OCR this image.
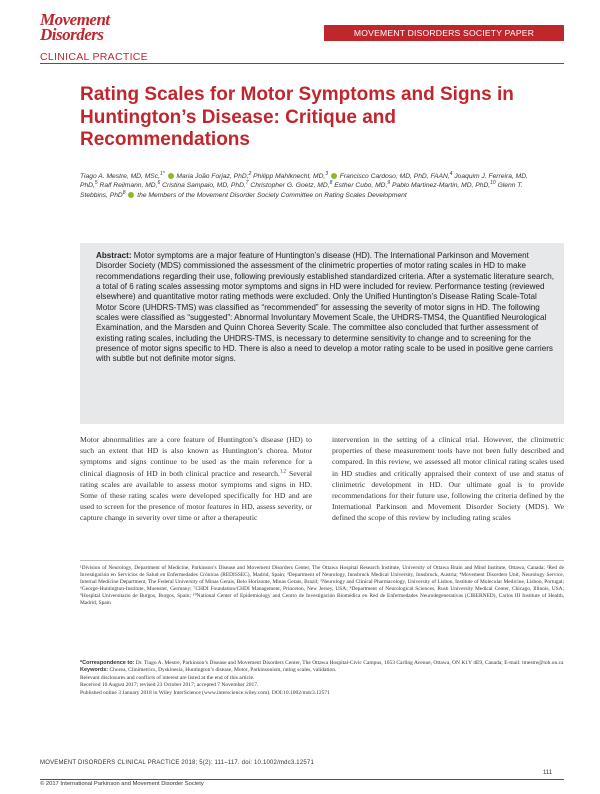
Movement
Disorders	MOVEMENT DISORDERS SOCIETY PAPER
CLINICAL PRACTICE
Rating Scales for Motor Symptoms and Signs in Huntington’s Disease: Critique and Recommendations
Tiago A. Mestre, MD, MSc,$^{1*}$ Maria João Forjaz, PhD,$^2$ Philipp Mahlknecht, MD,$^3$ Francisco Cardoso, MD, PhD, FAAN,$^4$ Joaquim J. Ferreira, MD, PhD,$^5$ Ralf Reilmann, MD,$^6$ Cristina Sampaio, MD, PhD,$^7$ Christopher G. Goetz, MD,$^8$ Esther Cubo, MD,$^9$ Pablo Martinez-Martin, MD, PhD,$^{10}$ Glenn T. Stebbins, PhD$^8$ the Members of the Movement Disorder Society Committee on Rating Scales Development
Abstract: Motor symptoms are a major feature of Huntington’s disease (HD). The International Parkinson and Movement Disorder Society (MDS) commissioned the assessment of the clinimetric properties of motor rating scales in HD to make recommendations regarding their use, following previously established standardized criteria. After a systematic literature search, a total of 6 rating scales assessing motor symptoms and signs in HD were included for review. Performance testing (reviewed elsewhere) and quantitative motor rating methods were excluded. Only the Unified Huntington’s Disease Rating Scale-Total Motor Score (UHDRS-TMS) was classified as “recommended” for assessing the severity of motor signs in HD. The following scales were classified as “suggested”: Abnormal Involuntary Movement Scale, the UHDRS-TMS4, the Quantified Neurological Examination, and the Marsden and Quinn Chorea Severity Scale. The committee also concluded that further assessment of existing rating scales, including the UHDRS-TMS, is necessary to determine sensitivity to change and to screening for the presence of motor signs specific to HD. There is also a need to develop a motor rating scale to be used in positive gene carriers with subtle but not definite motor signs.
Motor abnormalities are a core feature of Huntington’s disease (HD) to such an extent that HD is also known as Huntington’s chorea. Motor symptoms and signs continue to be used as the main reference for a clinical diagnosis of HD in both clinical practice and research.$^{1,2}$ Several rating scales are available to assess motor symptoms and signs in HD. Some of these rating scales were developed specifically for HD and are used to screen for the presence of motor features in HD, assess severity, or capture change in severity over time or after a therapeutic
intervention in the setting of a clinical trial. However, the clinimetric properties of these measurement tools have not been fully described and compared. In this review, we assessed all motor clinical rating scales used in HD studies and critically appraised their context of use and status of clinimetric development in HD. Our ultimate goal is to provide recommendations for their future use, following the criteria defined by the International Parkinson and Movement Disorder Society (MDS). We defined the scope of this review by including rating scales
¹Division of Neurology, Department of Medicine, Parkinson’s Disease and Movement Disorders Center, The Ottawa Hospital Research Institute, University of Ottawa Brain and Mind Institute, Ottawa, Canada; ²Red de Investigación en Servicios de Salud en Enfermedades Crónicas (REDISSEC), Madrid, Spain; ³Department of Neurology, Innsbruck Medical University, Innsbruck, Austria; ⁴Movement Disorders Unit, Neurology Service, Internal Medicine Department, The Federal University of Minas Gerais, Belo Horizonte, Minas Gerais, Brazil; ⁵Neurology and Clinical Pharmacology, University of Lisbon, Institute of Molecular Medicine, Lisbon, Portugal; ⁶George-Huntington-Institute, Muenster, Germany; ⁷CHDI Foundation/CHDI Management, Princeton, New Jersey, USA; ⁸Department of Neurological Sciences, Rush University Medical Center, Chicago, Illinois, USA; ⁹Hospital Universitario de Burgos, Burgos, Spain; ¹⁰National Center of Epidemiology and Centro de Investigación Biomédica en Red de Enfermedades Neurodegenerativas (CIBERNED), Carlos III Institute of Health, Madrid, Spain
*Correspondence to: Dr. Tiago A. Mestre, Parkinson’s Disease and Movement Disorders Center, The Ottawa Hospital-Civic Campus, 1053 Carling Avenue, Ottawa, ON K1Y 4E9, Canada; E-mail: tmestre@toh.on.ca
Keywords: Chorea, Clinimetrics, Dyskinesia, Huntington’s disease, Motor, Parkinsonism, rating scales, validation.
Relevant disclosures and conflicts of interest are listed at the end of this article.
Received 10 August 2017; revised 23 October 2017; accepted 7 November 2017.
Published online 3 January 2018 in Wiley InterScience (www.interscience.wiley.com). DOI:10.1002/mdc3.12571
MOVEMENT DISORDERS CLINICAL PRACTICE 2018; 5(2): 111–117. doi: 10.1002/mdc3.12571
111
© 2017 International Parkinson and Movement Disorder Society
